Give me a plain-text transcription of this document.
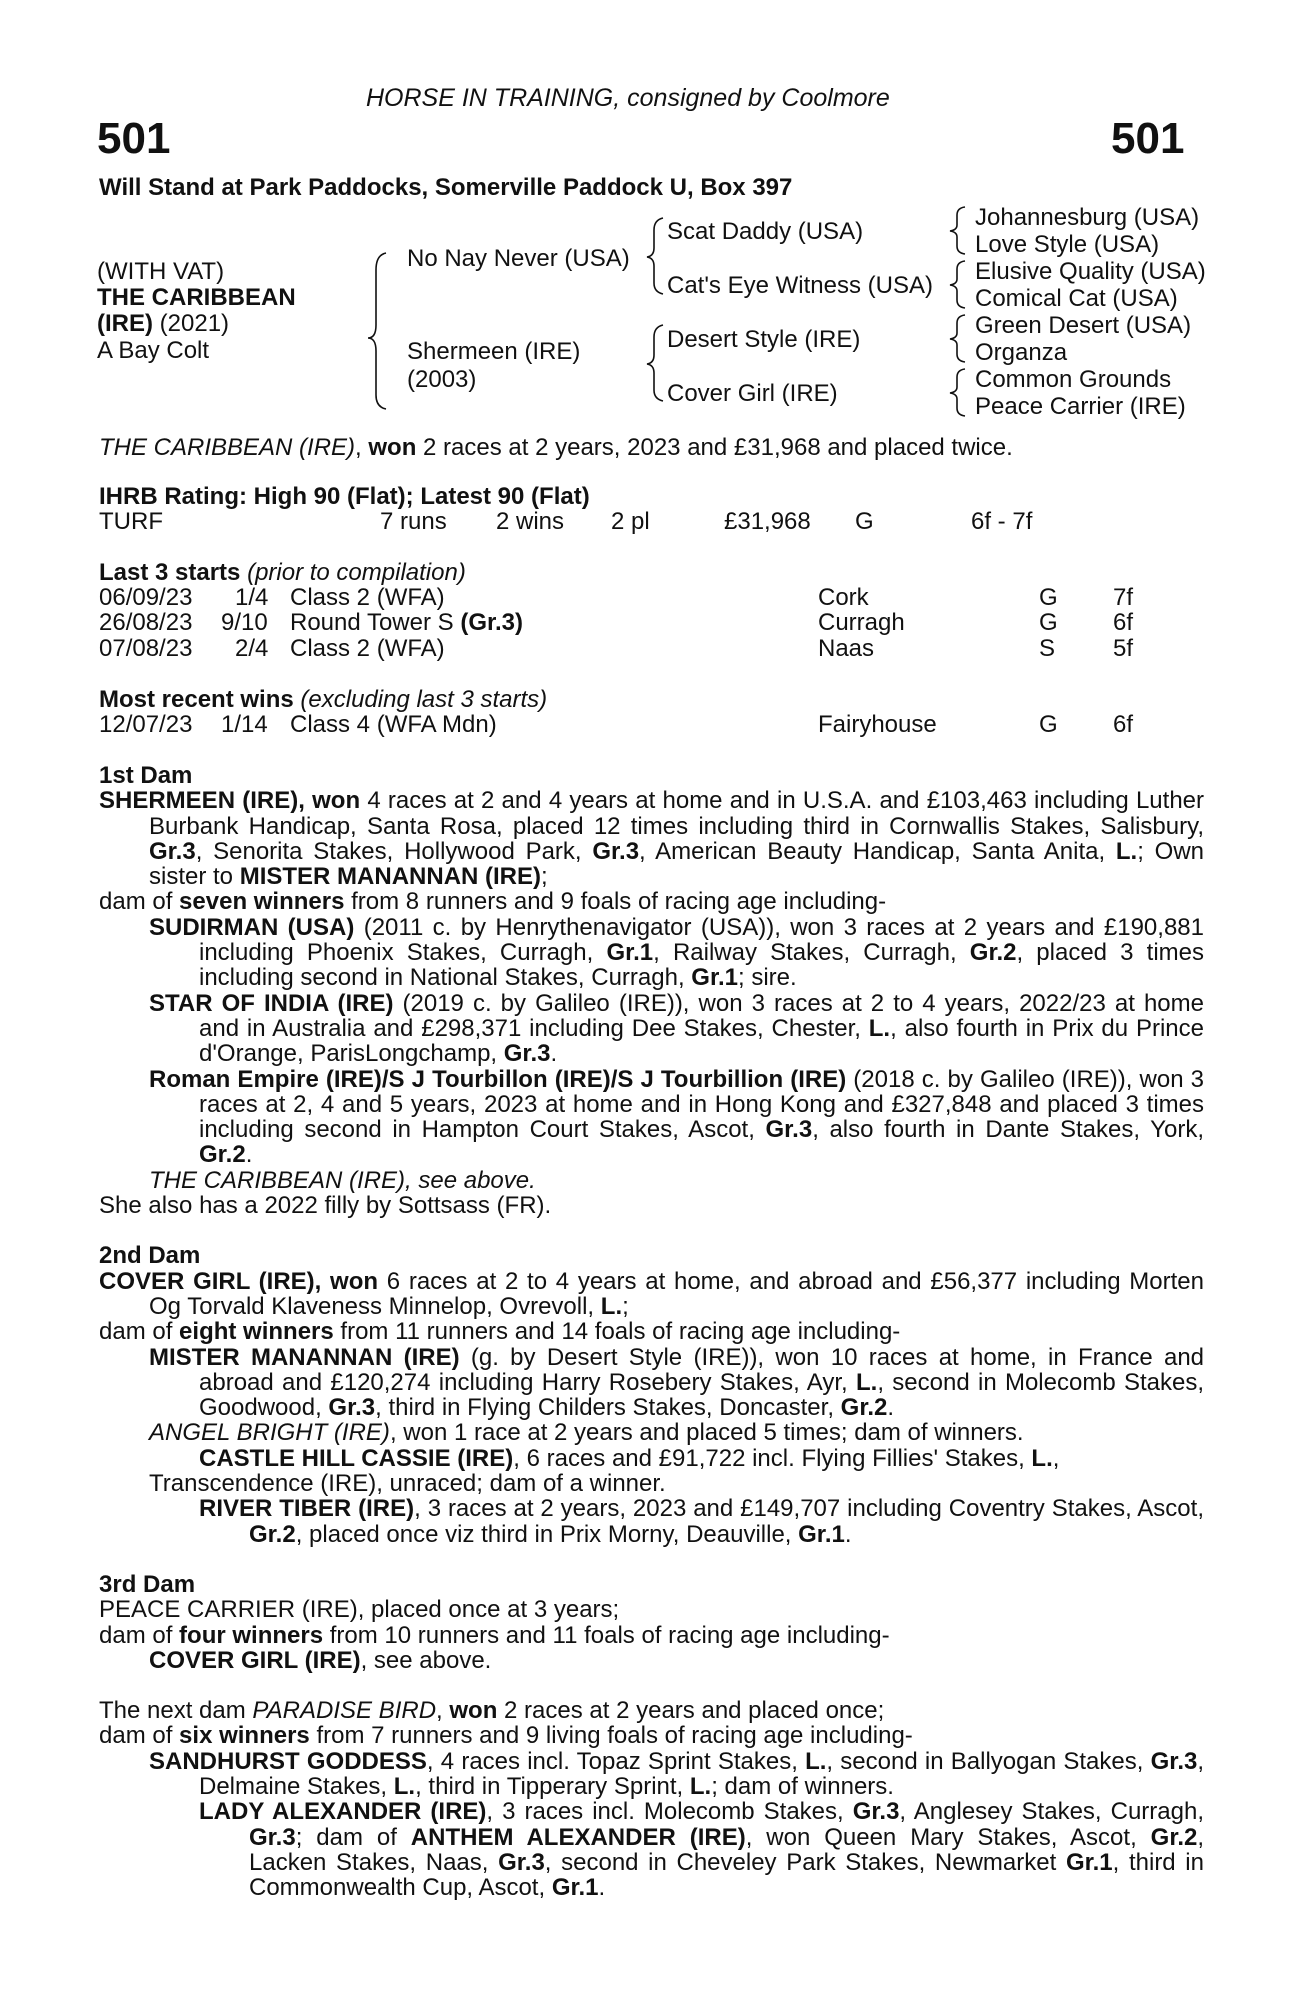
HORSE IN TRAINING, consigned by Coolmore
501	501
Will Stand at Park Paddocks, Somerville Paddock U, Box 397
(WITH VAT)
THE CARIBBEAN
(IRE) (2021)
A Bay Colt
No Nay Never (USA)
Shermeen (IRE)
(2003)
Scat Daddy (USA)
Cat's Eye Witness (USA)
Desert Style (IRE)
Cover Girl (IRE)
Johannesburg (USA)
Love Style (USA)
Elusive Quality (USA)
Comical Cat (USA)
Green Desert (USA)
Organza
Common Grounds
Peace Carrier (IRE)
THE CARIBBEAN (IRE), won 2 races at 2 years, 2023 and £31,968 and placed twice.
IHRB Rating: High 90 (Flat); Latest 90 (Flat)
TURF	7 runs 2 wins 2 pl	£31,968 G	6f - 7f
Last 3 starts (prior to compilation)
06/09/23 1/4 Class 2 (WFA)	Cork	G 7f
26/08/23 9/10 Round Tower S (Gr.3)	Curragh	G 6f
07/08/23 2/4 Class 2 (WFA)	Naas	S 5f
Most recent wins (excluding last 3 starts)
12/07/23 1/14 Class 4 (WFA Mdn)	Fairyhouse	G 6f

1st Dam

SHERMEEN (IRE), won 4 races at 2 and 4 years at home and in U.S.A. and £103,463 including Luther Burbank Handicap, Santa Rosa, placed 12 times including third in Cornwallis Stakes, Salisbury, Gr.3, Senorita Stakes, Hollywood Park, Gr.3, American Beauty Handicap, Santa Anita, L.; Own sister to MISTER MANANNAN (IRE);

dam of seven winners from 8 runners and 9 foals of racing age including-

SUDIRMAN (USA) (2011 c. by Henrythenavigator (USA)), won 3 races at 2 years and £190,881 including Phoenix Stakes, Curragh, Gr.1, Railway Stakes, Curragh, Gr.2, placed 3 times including second in National Stakes, Curragh, Gr.1; sire.

STAR OF INDIA (IRE) (2019 c. by Galileo (IRE)), won 3 races at 2 to 4 years, 2022/23 at home and in Australia and £298,371 including Dee Stakes, Chester, L., also fourth in Prix du Prince d'Orange, ParisLongchamp, Gr.3.

Roman Empire (IRE)/S J Tourbillon (IRE)/S J Tourbillion (IRE) (2018 c. by Galileo (IRE)), won 3 races at 2, 4 and 5 years, 2023 at home and in Hong Kong and £327,848 and placed 3 times including second in Hampton Court Stakes, Ascot, Gr.3, also fourth in Dante Stakes, York, Gr.2.

THE CARIBBEAN (IRE), see above.

She also has a 2022 filly by Sottsass (FR).

2nd Dam

COVER GIRL (IRE), won 6 races at 2 to 4 years at home, and abroad and £56,377 including Morten Og Torvald Klaveness Minnelop, Ovrevoll, L.;

dam of eight winners from 11 runners and 14 foals of racing age including-

MISTER MANANNAN (IRE) (g. by Desert Style (IRE)), won 10 races at home, in France and abroad and £120,274 including Harry Rosebery Stakes, Ayr, L., second in Molecomb Stakes, Goodwood, Gr.3, third in Flying Childers Stakes, Doncaster, Gr.2.

ANGEL BRIGHT (IRE), won 1 race at 2 years and placed 5 times; dam of winners.

CASTLE HILL CASSIE (IRE), 6 races and £91,722 incl. Flying Fillies' Stakes, L.,

Transcendence (IRE), unraced; dam of a winner.

RIVER TIBER (IRE), 3 races at 2 years, 2023 and £149,707 including Coventry Stakes, Ascot, Gr.2, placed once viz third in Prix Morny, Deauville, Gr.1.

3rd Dam

PEACE CARRIER (IRE), placed once at 3 years;

dam of four winners from 10 runners and 11 foals of racing age including-

COVER GIRL (IRE), see above.

The next dam PARADISE BIRD, won 2 races at 2 years and placed once;

dam of six winners from 7 runners and 9 living foals of racing age including-

SANDHURST GODDESS, 4 races incl. Topaz Sprint Stakes, L., second in Ballyogan Stakes, Gr.3, Delmaine Stakes, L., third in Tipperary Sprint, L.; dam of winners.

LADY ALEXANDER (IRE), 3 races incl. Molecomb Stakes, Gr.3, Anglesey Stakes, Curragh, Gr.3; dam of ANTHEM ALEXANDER (IRE), won Queen Mary Stakes, Ascot, Gr.2, Lacken Stakes, Naas, Gr.3, second in Cheveley Park Stakes, Newmarket Gr.1, third in Commonwealth Cup, Ascot, Gr.1.
